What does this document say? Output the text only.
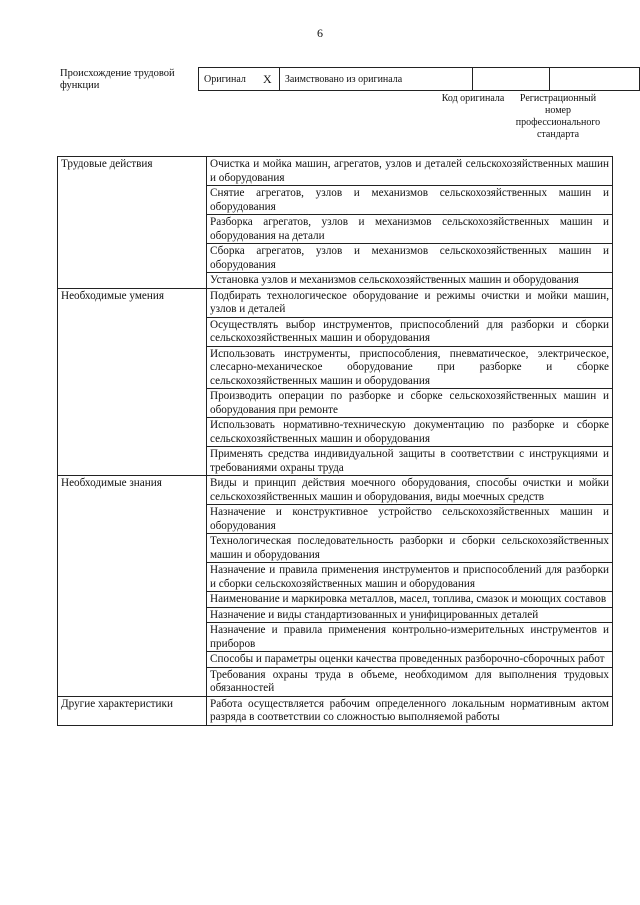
6
Происхождение трудовой функции
Оригинал	X	Заимствовано из оригинала		
Код оригинала	Регистрационный номер профессионального стандарта
Трудовые действия	Очистка и мойка машин, агрегатов, узлов и деталей сельскохозяйственных машин и оборудования
	Снятие агрегатов, узлов и механизмов сельскохозяйственных машин и оборудования
	Разборка агрегатов, узлов и механизмов сельскохозяйственных машин и оборудования на детали
	Сборка агрегатов, узлов и механизмов сельскохозяйственных машин и оборудования
	Установка узлов и механизмов сельскохозяйственных машин и оборудования
Необходимые умения	Подбирать технологическое оборудование и режимы очистки и мойки машин, узлов и деталей
	Осуществлять выбор инструментов, приспособлений для разборки и сборки сельскохозяйственных машин и оборудования
	Использовать инструменты, приспособления, пневматическое, электрическое, слесарно-механическое оборудование при разборке и сборке сельскохозяйственных машин и оборудования
	Производить операции по разборке и сборке сельскохозяйственных машин и оборудования при ремонте
	Использовать нормативно-техническую документацию по разборке и сборке сельскохозяйственных машин и оборудования
	Применять средства индивидуальной защиты в соответствии с инструкциями и требованиями охраны труда
Необходимые знания	Виды и принцип действия моечного оборудования, способы очистки и мойки сельскохозяйственных машин и оборудования, виды моечных средств
	Назначение и конструктивное устройство сельскохозяйственных машин и оборудования
	Технологическая последовательность разборки и сборки сельскохозяйственных машин и оборудования
	Назначение и правила применения инструментов и приспособлений для разборки и сборки сельскохозяйственных машин и оборудования
	Наименование и маркировка металлов, масел, топлива, смазок и моющих составов
	Назначение и виды стандартизованных и унифицированных деталей
	Назначение и правила применения контрольно-измерительных инструментов и приборов
	Способы и параметры оценки качества проведенных разборочно-сборочных работ
	Требования охраны труда в объеме, необходимом для выполнения трудовых обязанностей
Другие характеристики	Работа осуществляется рабочим определенного локальным нормативным актом разряда в соответствии со сложностью выполняемой работы
